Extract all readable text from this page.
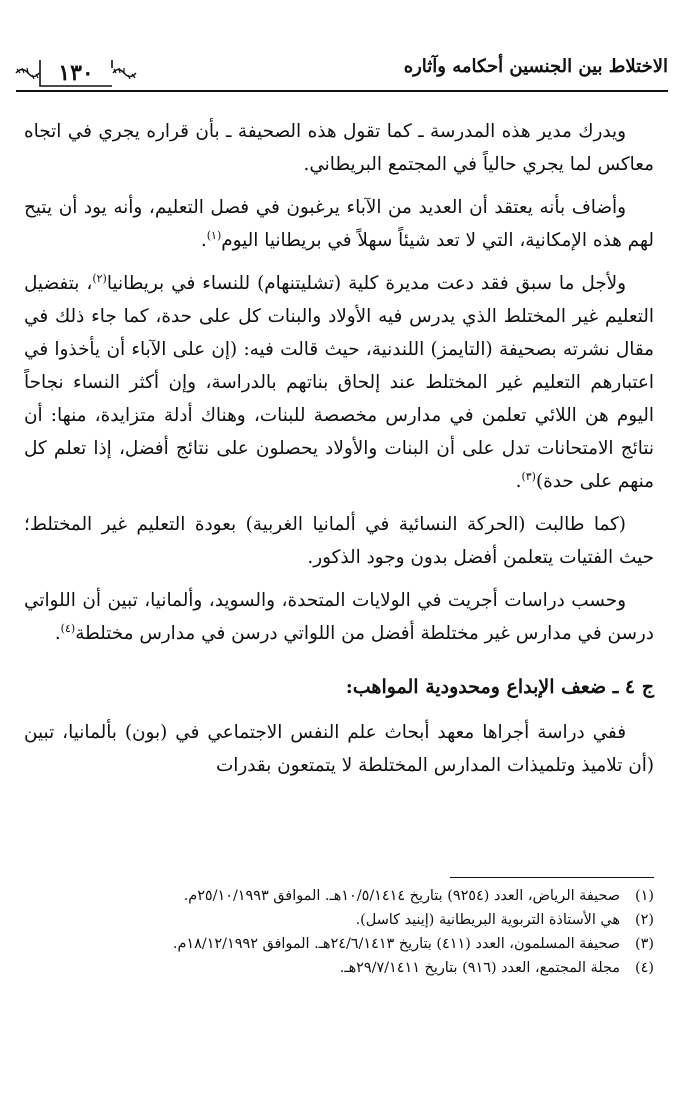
الاختلاط بين الجنسين أحكامه وآثاره
١٣٠

ويدرك مدير هذه المدرسة ـ كما تقول هذه الصحيفة ـ بأن قراره يجري في اتجاه معاكس لما يجري حالياً في المجتمع البريطاني.

وأضاف بأنه يعتقد أن العديد من الآباء يرغبون في فصل التعليم، وأنه يود أن يتيح لهم هذه الإمكانية، التي لا تعد شيئاً سهلاً في بريطانيا اليوم$^{(١)}$.

ولأجل ما سبق فقد دعت مديرة كلية (تشليتنهام) للنساء في بريطانيا$^{(٢)}$، بتفضيل التعليم غير المختلط الذي يدرس فيه الأولاد والبنات كل على حدة، كما جاء ذلك في مقال نشرته بصحيفة (التايمز) اللندنية، حيث قالت فيه: (إن على الآباء أن يأخذوا في اعتبارهم التعليم غير المختلط عند إلحاق بناتهم بالدراسة، وإن أكثر النساء نجاحاً اليوم هن اللائي تعلمن في مدارس مخصصة للبنات، وهناك أدلة متزايدة، منها: أن نتائج الامتحانات تدل على أن البنات والأولاد يحصلون على نتائج أفضل، إذا تعلم كل منهم على حدة)$^{(٣)}$.

(كما طالبت (الحركة النسائية في ألمانيا الغربية) بعودة التعليم غير المختلط؛ حيث الفتيات يتعلمن أفضل بدون وجود الذكور.

وحسب دراسات أجريت في الولايات المتحدة، والسويد، وألمانيا، تبين أن اللواتي درسن في مدارس غير مختلطة أفضل من اللواتي درسن في مدارس مختلطة$^{(٤)}$.

ج ٤ ـ ضعف الإبداع ومحدودية المواهب:

ففي دراسة أجراها معهد أبحاث علم النفس الاجتماعي في (بون) بألمانيا، تبين (أن تلاميذ وتلميذات المدارس المختلطة لا يتمتعون بقدرات

(١)
صحيفة الرياض، العدد (٩٢٥٤) بتاريخ ١٠/٥/١٤١٤هـ. الموافق ٢٥/١٠/١٩٩٣م.
(٢)
هي الأستاذة التربوية البريطانية (إينيد كاسل).
(٣)
صحيفة المسلمون، العدد (٤١١) بتاريخ ٢٤/٦/١٤١٣هـ. الموافق ١٨/١٢/١٩٩٢م.
(٤)
مجلة المجتمع، العدد (٩١٦) بتاريخ ٢٩/٧/١٤١١هـ.
